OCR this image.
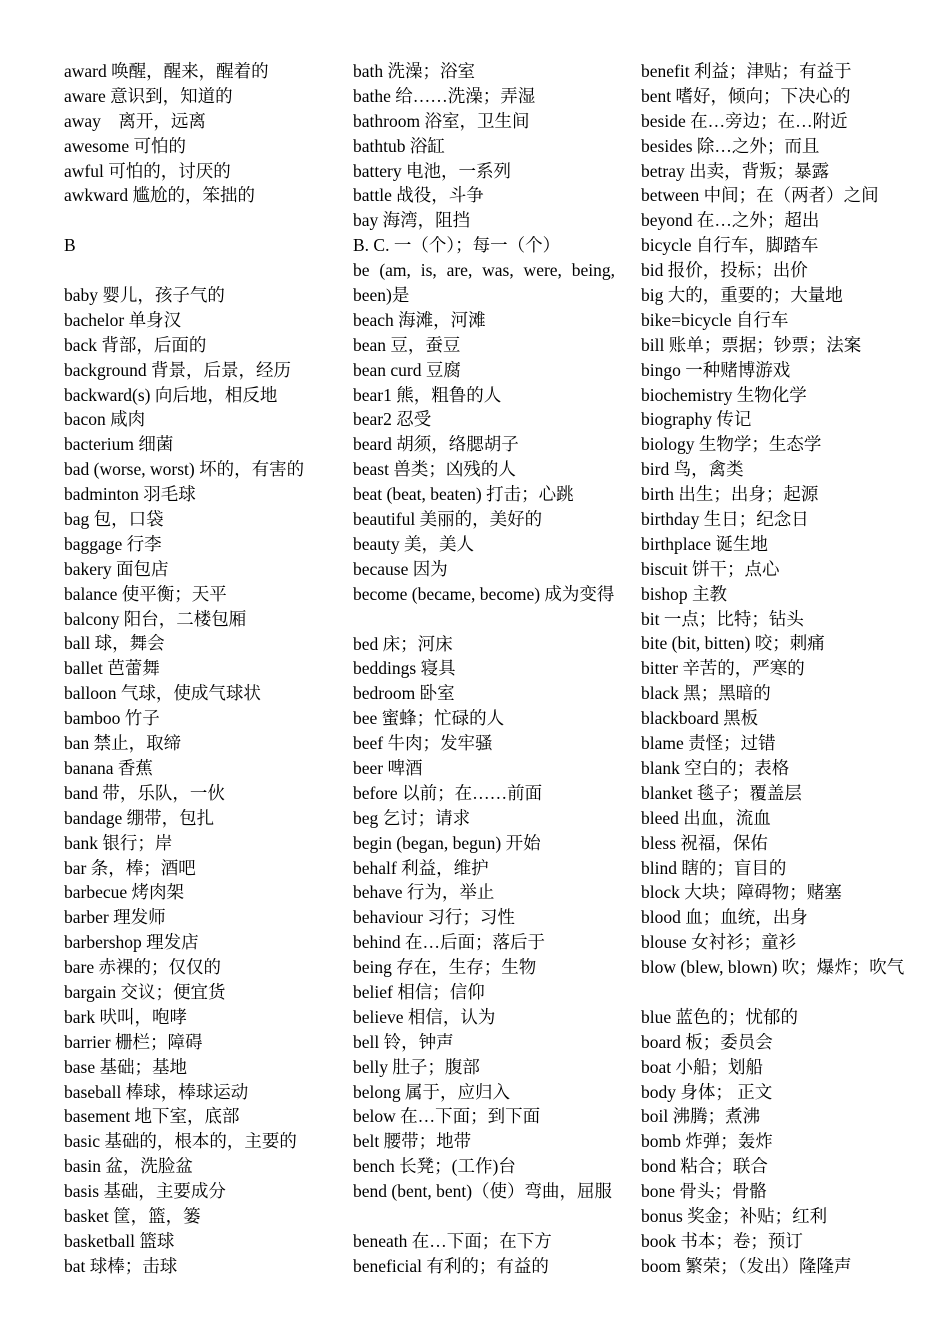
award 唤醒，醒来，醒着的
aware 意识到，知道的
away    离开，远离
awesome 可怕的
awful 可怕的，讨厌的
awkward 尴尬的，笨拙的
B
baby 婴儿，孩子气的
bachelor 单身汉
back 背部，后面的
background 背景，后景，经历
backward(s) 向后地，相反地
bacon 咸肉
bacterium 细菌
bad (worse, worst) 坏的，有害的
badminton 羽毛球
bag 包，口袋
baggage 行李
bakery 面包店
balance 使平衡；天平
balcony 阳台，二楼包厢
ball 球，舞会
ballet 芭蕾舞
balloon 气球，使成气球状
bamboo 竹子
ban 禁止，取缔
banana 香蕉
band 带，乐队，一伙
bandage 绷带，包扎
bank 银行；岸
bar 条，棒；酒吧
barbecue 烤肉架
barber 理发师
barbershop 理发店
bare 赤裸的；仅仅的
bargain 交议；便宜货
bark 吠叫，咆哮
barrier 栅栏；障碍
base 基础；基地
baseball 棒球，棒球运动
basement 地下室，底部
basic 基础的，根本的，主要的
basin 盆，洗脸盆
basis 基础，主要成分
basket 筐，篮，篓
basketball 篮球
bat 球棒；击球
bath 洗澡；浴室
bathe 给……洗澡；弄湿
bathroom 浴室，卫生间
bathtub 浴缸
battery 电池，一系列
battle 战役，斗争
bay 海湾，阻挡
B. C. 一（个）；每一（个）
be (am, is, are, was, were, being, been)是
beach 海滩，河滩
bean 豆，蚕豆
bean curd 豆腐
bear1 熊，粗鲁的人
bear2 忍受
beard 胡须，络腮胡子
beast 兽类；凶残的人
beat (beat, beaten) 打击；心跳
beautiful 美丽的，美好的
beauty 美，美人
because 因为
become (became, become) 成为变得
bed 床；河床
beddings 寝具
bedroom 卧室
bee 蜜蜂；忙碌的人
beef 牛肉；发牢骚
beer 啤酒
before 以前；在……前面
beg 乞讨；请求
begin (began, begun) 开始
behalf 利益，维护
behave 行为，举止
behaviour 习行；习性
behind 在…后面；落后于
being 存在，生存；生物
belief 相信；信仰
believe 相信，认为
bell 铃，钟声
belly 肚子；腹部
belong 属于，应归入
below 在…下面；到下面
belt 腰带；地带
bench 长凳；(工作)台
bend (bent, bent)（使）弯曲，屈服
beneath 在…下面；在下方
beneficial 有利的；有益的
benefit 利益；津贴；有益于
bent 嗜好，倾向；下决心的
beside 在…旁边；在…附近
besides 除…之外；而且
betray 出卖，背叛；暴露
between 中间；在（两者）之间
beyond 在…之外；超出
bicycle 自行车，脚踏车
bid 报价，投标；出价
big 大的，重要的；大量地
bike=bicycle 自行车
bill 账单；票据；钞票；法案
bingo 一种赌博游戏
biochemistry 生物化学
biography 传记
biology 生物学；生态学
bird 鸟，禽类
birth 出生；出身；起源
birthday 生日；纪念日
birthplace 诞生地
biscuit 饼干；点心
bishop 主教
bit 一点；比特；钻头
bite (bit, bitten) 咬；刺痛
bitter 辛苦的，严寒的
black 黑；黑暗的
blackboard 黑板
blame 责怪；过错
blank 空白的；表格
blanket 毯子；覆盖层
bleed 出血，流血
bless 祝福，保佑
blind 瞎的；盲目的
block 大块；障碍物；赌塞
blood 血；血统，出身
blouse 女衬衫；童衫
blow (blew, blown) 吹；爆炸；吹气
blue 蓝色的；忧郁的
board 板；委员会
boat 小船；划船
body 身体； 正文
boil 沸腾；煮沸
bomb 炸弹；轰炸
bond 粘合；联合
bone 骨头；骨骼
bonus 奖金；补贴；红利
book 书本；卷；预订
boom 繁荣；（发出）隆隆声
